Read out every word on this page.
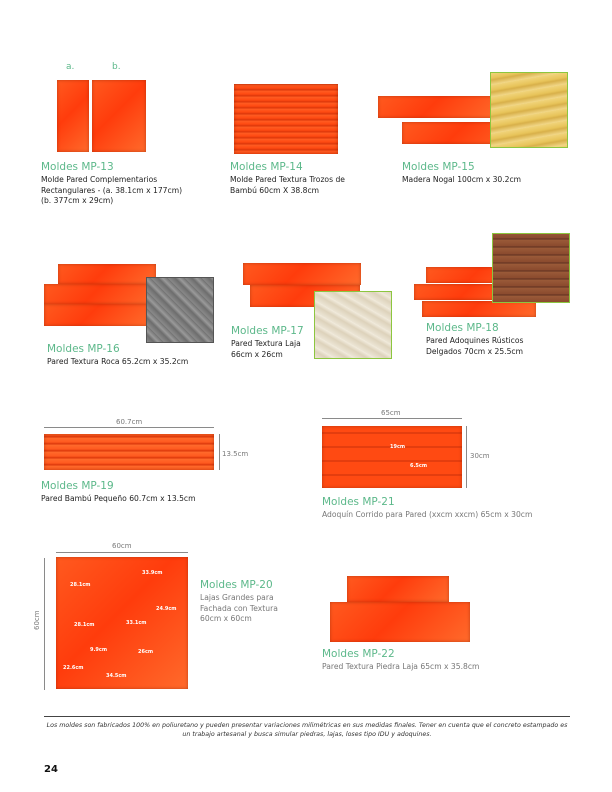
a.	b.
Moldes MP-13
Molde Pared Complementarios Rectangulares - (a. 38.1cm x 177cm) (b. 377cm x 29cm)
Moldes MP-14
Molde Pared Textura Trozos de Bambú 60cm X 38.8cm
Moldes MP-15
Madera Nogal 100cm x 30.2cm
Moldes MP-16
Pared Textura Roca 65.2cm x 35.2cm
Moldes MP-17
Pared Textura Laja 66cm x 26cm
Moldes MP-18
Pared Adoquines Rústicos Delgados 70cm x 25.5cm
60.7cm
13.5cm
Moldes MP-19
Pared Bambú Pequeño 60.7cm x 13.5cm
65cm
19cm
6.5cm
30cm
Moldes MP-21
Adoquín Corrido para Pared (xxcm xxcm) 65cm x 30cm
60cm
60cm
28.1cm
33.9cm
24.9cm
28.1cm	33.1cm
9.9cm	26cm
22.6cm
34.5cm
Moldes MP-20
Lajas Grandes para Fachada con Textura 60cm x 60cm
Moldes MP-22
Pared Textura Piedra Laja 65cm x 35.8cm
Los moldes son fabricados 100% en poliuretano y pueden presentar variaciones milimétricas en sus medidas finales. Tener en cuenta que el concreto estampado es un trabajo artesanal y busca simular piedras, lajas, loses tipo IDU y adoquines.
24
